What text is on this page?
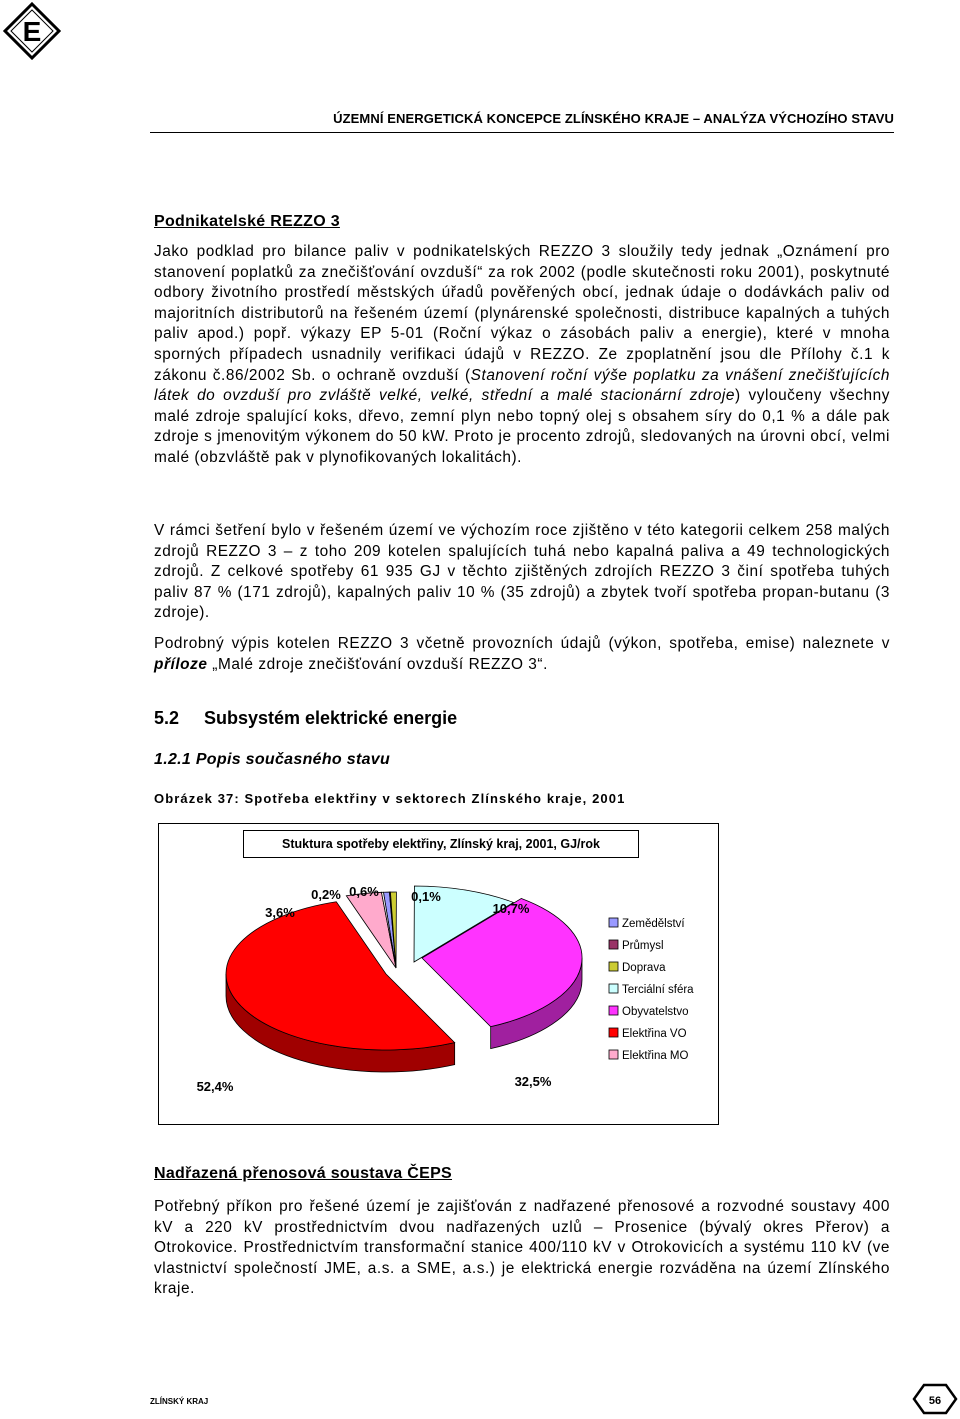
E
ÚZEMNÍ ENERGETICKÁ KONCEPCE ZLÍNSKÉHO KRAJE – ANALÝZA VÝCHOZÍHO STAVU
Podnikatelské REZZO 3

Jako podklad pro bilance paliv v podnikatelských REZZO 3 sloužily tedy jednak „Oznámení pro stanovení poplatků za znečišťování ovzduší“ za rok 2002 (podle skutečnosti roku 2001), poskytnuté odbory životního prostředí městských úřadů pověřených obcí, jednak údaje o dodávkách paliv od majoritních distributorů na řešeném území (plynárenské společnosti, distribuce kapalných a tuhých paliv apod.) popř. výkazy EP 5-01 (Roční výkaz o zásobách paliv a energie), které v mnoha sporných případech usnadnily verifikaci údajů v REZZO. Ze zpoplatnění jsou dle Přílohy č.1 k zákonu č.86/2002 Sb. o ochraně ovzduší (Stanovení roční výše poplatku za vnášení znečišťujících látek do ovzduší pro zvláště velké, velké, střední a malé stacionární zdroje) vyloučeny všechny malé zdroje spalující koks, dřevo, zemní plyn nebo topný olej s obsahem síry do 0,1 % a dále pak zdroje s jmenovitým výkonem do 50 kW. Proto je procento zdrojů, sledovaných na úrovni obcí, velmi malé (obzvláště pak v plynofikovaných lokalitách).

V rámci šetření bylo v řešeném území ve výchozím roce zjištěno v této kategorii celkem 258 malých zdrojů REZZO 3 – z toho 209 kotelen spalujících tuhá nebo kapalná paliva a 49 technologických zdrojů. Z celkové spotřeby 61 935 GJ v těchto zjištěných zdrojích REZZO 3 činí spotřeba tuhých paliv 87 % (171 zdrojů), kapalných paliv 10 % (35 zdrojů) a zbytek tvoří spotřeba propan-butanu (3 zdroje).

Podrobný výpis kotelen REZZO 3 včetně provozních údajů (výkon, spotřeba, emise) naleznete v příloze „Malé zdroje znečišťování ovzduší REZZO 3“.

5.2 Subsystém elektrické energie
1.2.1 Popis současného stavu
Obrázek 37: Spotřeba elektřiny v sektorech Zlínského kraje, 2001
0,6% 0,1%
10,7%
32,5%
52,4%
3,6%
0,2%
Zemědělství
Průmysl
Doprava
Terciální sféra
Obyvatelstvo
Elektřina VO
Elektřina MO
Stuktura spotřeby elektřiny, Zlínský kraj, 2001, GJ/rok
Nadřazená přenosová soustava ČEPS

Potřebný příkon pro řešené území je zajišťován z nadřazené přenosové a rozvodné soustavy 400 kV a 220 kV prostřednictvím dvou nadřazených uzlů – Prosenice (bývalý okres Přerov) a Otrokovice. Prostřednictvím transformační stanice 400/110 kV v Otrokovicích a systému 110 kV (ve vlastnictví společností JME, a.s. a SME, a.s.) je elektrická energie rozváděna na území Zlínského kraje.

ZLÍNSKÝ KRAJ	56
